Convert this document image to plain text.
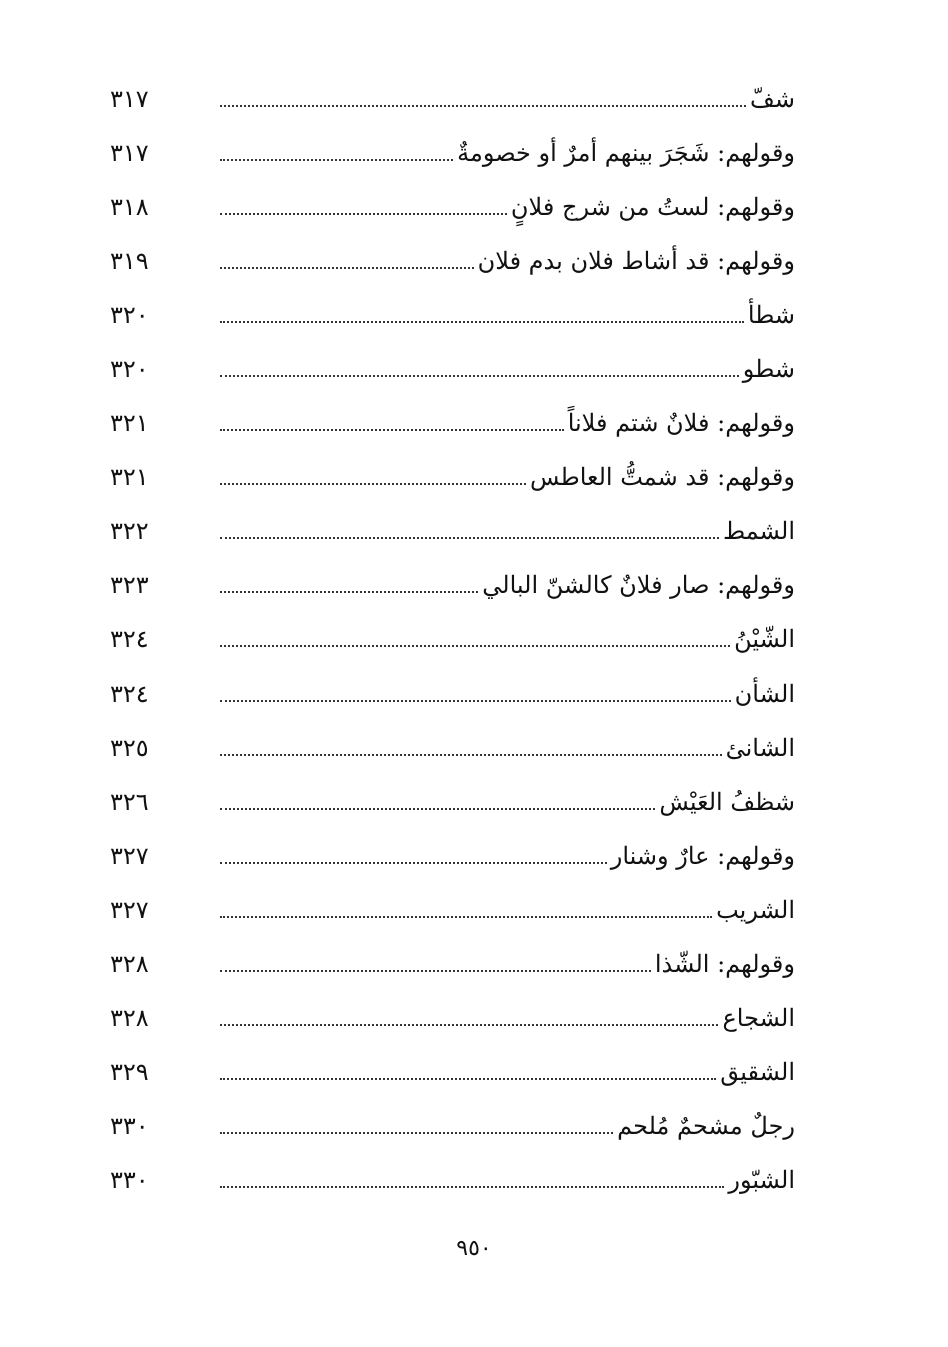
شفّ
٣١٧
وقولهم: شَجَرَ بينهم أمرٌ أو خصومةٌ
٣١٧
وقولهم: لستُ من شرج فلانٍ
٣١٨
وقولهم: قد أشاط فلان بدم فلان
٣١٩
شطأ
٣٢٠
شطو
٣٢٠
وقولهم: فلانٌ شتم فلاناً
٣٢١
وقولهم: قد شمتُّ العاطس
٣٢١
الشمط
٣٢٢
وقولهم: صار فلانٌ كالشنّ البالي
٣٢٣
الشّيْنُ
٣٢٤
الشأن
٣٢٤
الشانئ
٣٢٥
شظفُ العَيْش
٣٢٦
وقولهم: عارٌ وشنار
٣٢٧
الشريب
٣٢٧
وقولهم: الشّذا
٣٢٨
الشجاع
٣٢٨
الشقيق
٣٢٩
رجلٌ مشحمٌ مُلحم
٣٣٠
الشبّور
٣٣٠
٩٥٠
